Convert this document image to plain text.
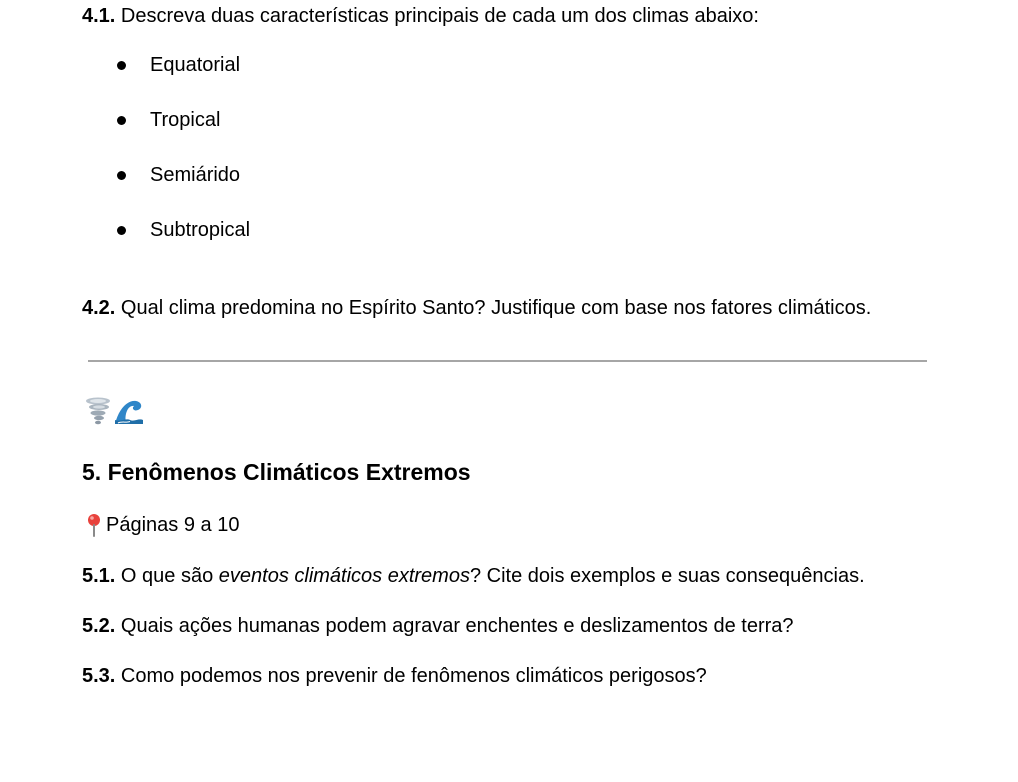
4.1. Descreva duas características principais de cada um dos climas abaixo:
Equatorial
Tropical
Semiárido
Subtropical
4.2. Qual clima predomina no Espírito Santo? Justifique com base nos fatores climáticos.
5. Fenômenos Climáticos Extremos
Páginas 9 a 10
5.1. O que são eventos climáticos extremos? Cite dois exemplos e suas consequências.
5.2. Quais ações humanas podem agravar enchentes e deslizamentos de terra?
5.3. Como podemos nos prevenir de fenômenos climáticos perigosos?
